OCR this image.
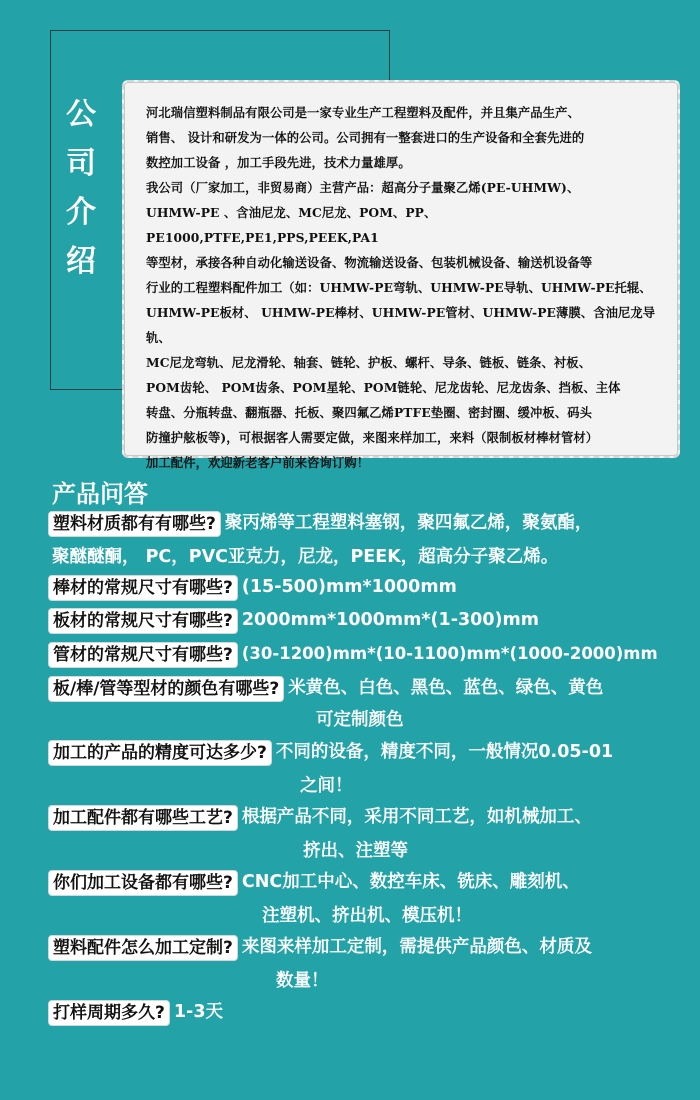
公
司
介
绍

河北瑞信塑料制品有限公司是一家专业生产工程塑料及配件，并且集产品生产、

销售、 设计和研发为一体的公司。公司拥有一整套进口的生产设备和全套先进的

数控加工设备 ，加工手段先进，技术力量雄厚。

我公司（厂家加工，非贸易商）主营产品：超高分子量聚乙烯(PE-UHMW)、

UHMW-PE 、含油尼龙、MC尼龙、POM、PP、PE1000,PTFE,PE1,PPS,PEEK,PA1

等型材，承接各种自动化输送设备、物流输送设备、包装机械设备、输送机设备等

行业的工程塑料配件加工（如：UHMW-PE弯轨、UHMW-PE导轨、UHMW-PE托辊、

UHMW-PE板材、 UHMW-PE棒材、UHMW-PE管材、UHMW-PE薄膜、含油尼龙导轨、

MC尼龙弯轨、尼龙滑轮、轴套、链轮、护板、螺杆、导条、链板、链条、衬板、

POM齿轮、 POM齿条、POM星轮、POM链轮、尼龙齿轮、尼龙齿条、挡板、主体

转盘、分瓶转盘、翻瓶器、托板、聚四氟乙烯PTFE垫圈、密封圈、缓冲板、码头

防撞护舷板等)，可根据客人需要定做，来图来样加工，来料（限制板材棒材管材）

加工配件，欢迎新老客户前来咨询订购！

产品问答
塑料材质都有有哪些? 聚丙烯等工程塑料塞钢，聚四氟乙烯，聚氨酯，
聚醚醚酮， PC，PVC亚克力，尼龙，PEEK，超高分子聚乙烯。
棒材的常规尺寸有哪些? (15-500)mm*1000mm
板材的常规尺寸有哪些? 2000mm*1000mm*(1-300)mm
管材的常规尺寸有哪些? (30-1200)mm*(10-1100)mm*(1000-2000)mm
板/棒/管等型材的颜色有哪些? 米黄色、白色、黑色、蓝色、绿色、黄色
可定制颜色
加工的产品的精度可达多少? 不同的设备，精度不同，一般情况0.05-01
之间！
加工配件都有哪些工艺? 根据产品不同，采用不同工艺，如机械加工、
挤出、注塑等
你们加工设备都有哪些? CNC加工中心、数控车床、铣床、雕刻机、
注塑机、挤出机、模压机！
塑料配件怎么加工定制? 来图来样加工定制，需提供产品颜色、材质及
数量！
打样周期多久? 1-3天
